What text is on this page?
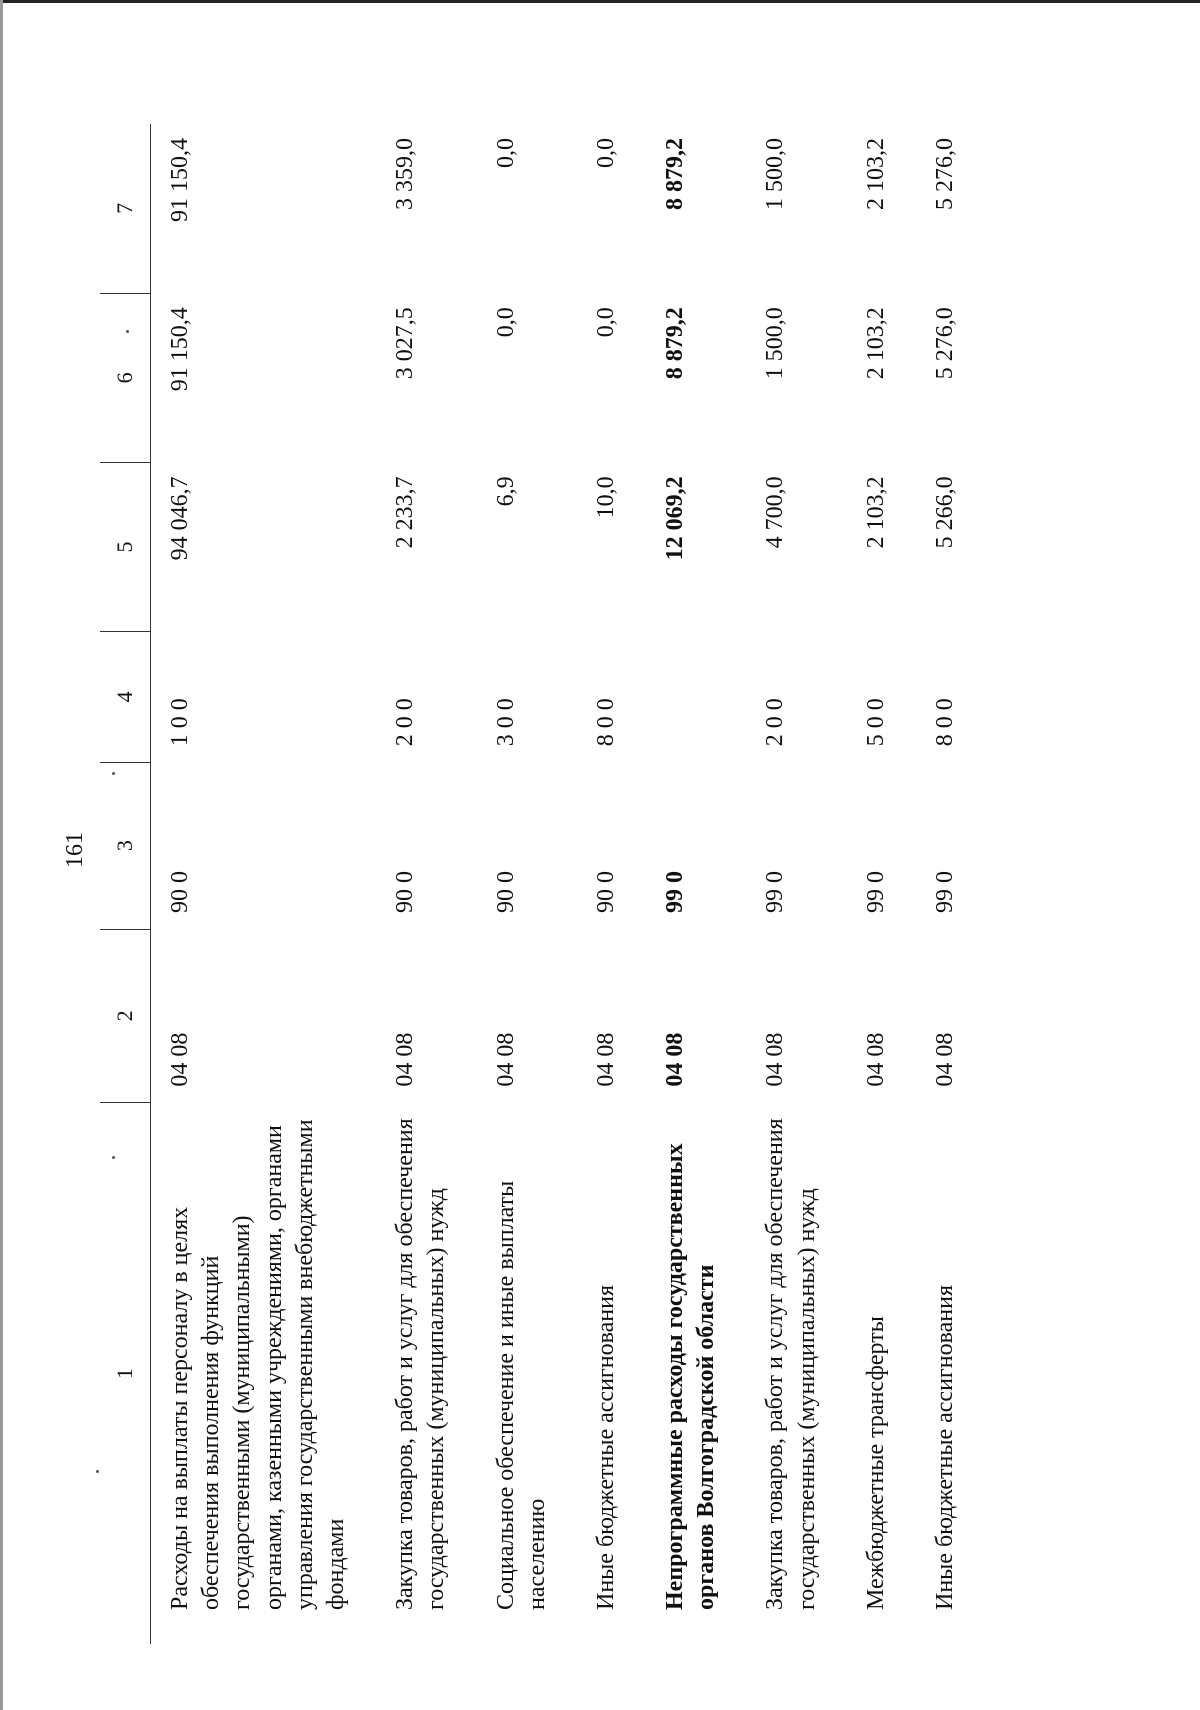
161
1	2	3	4	5	6	7
Расходы на выплаты персоналу в целях обеспечения выполнения функций государственными (муниципальными) органами, казенными учреждениями, органами управления государственными внебюджетными фондами	04 08	90 0	1 0 0	94 046,7	91 150,4	91 150,4
Закупка товаров, работ и услуг для обеспечения государственных (муниципальных) нужд	04 08	90 0	2 0 0	2 233,7	3 027,5	3 359,0
Социальное обеспечение и иные выплаты населению	04 08	90 0	3 0 0	6,9	0,0	0,0
Иные бюджетные ассигнования	04 08	90 0	8 0 0	10,0	0,0	0,0
Непрограммные расходы государственных органов Волгоградской области	04 08	99 0		12 069,2	8 879,2	8 879,2
Закупка товаров, работ и услуг для обеспечения государственных (муниципальных) нужд	04 08	99 0	2 0 0	4 700,0	1 500,0	1 500,0
Межбюджетные трансферты	04 08	99 0	5 0 0	2 103,2	2 103,2	2 103,2
Иные бюджетные ассигнования	04 08	99 0	8 0 0	5 266,0	5 276,0	5 276,0
